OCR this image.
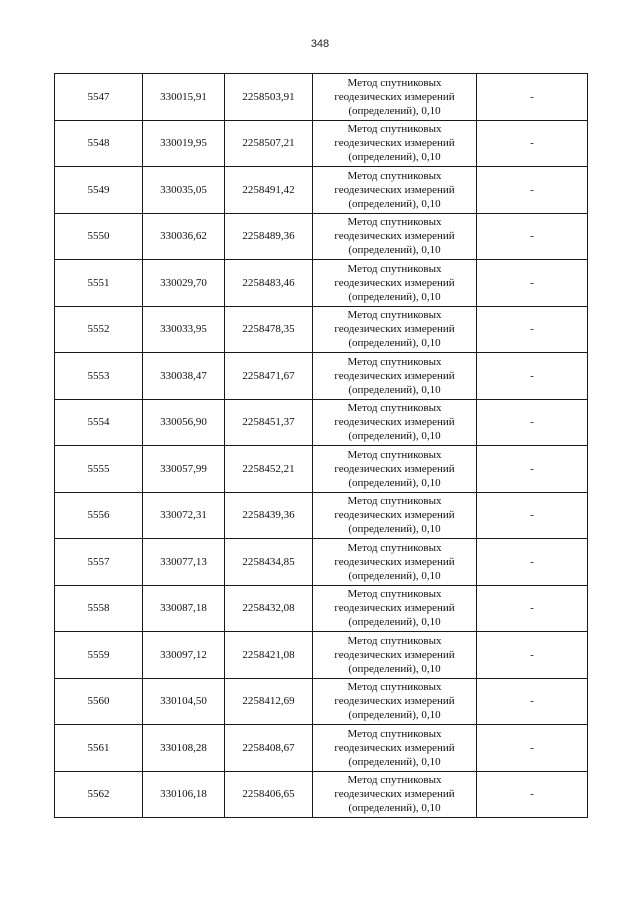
348
5547	330015,91	2258503,91	Метод спутниковых
геодезических измерений
(определений), 0,10	-
5548	330019,95	2258507,21	Метод спутниковых
геодезических измерений
(определений), 0,10	-
5549	330035,05	2258491,42	Метод спутниковых
геодезических измерений
(определений), 0,10	-
5550	330036,62	2258489,36	Метод спутниковых
геодезических измерений
(определений), 0,10	-
5551	330029,70	2258483,46	Метод спутниковых
геодезических измерений
(определений), 0,10	-
5552	330033,95	2258478,35	Метод спутниковых
геодезических измерений
(определений), 0,10	-
5553	330038,47	2258471,67	Метод спутниковых
геодезических измерений
(определений), 0,10	-
5554	330056,90	2258451,37	Метод спутниковых
геодезических измерений
(определений), 0,10	-
5555	330057,99	2258452,21	Метод спутниковых
геодезических измерений
(определений), 0,10	-
5556	330072,31	2258439,36	Метод спутниковых
геодезических измерений
(определений), 0,10	-
5557	330077,13	2258434,85	Метод спутниковых
геодезических измерений
(определений), 0,10	-
5558	330087,18	2258432,08	Метод спутниковых
геодезических измерений
(определений), 0,10	-
5559	330097,12	2258421,08	Метод спутниковых
геодезических измерений
(определений), 0,10	-
5560	330104,50	2258412,69	Метод спутниковых
геодезических измерений
(определений), 0,10	-
5561	330108,28	2258408,67	Метод спутниковых
геодезических измерений
(определений), 0,10	-
5562	330106,18	2258406,65	Метод спутниковых
геодезических измерений
(определений), 0,10	-
